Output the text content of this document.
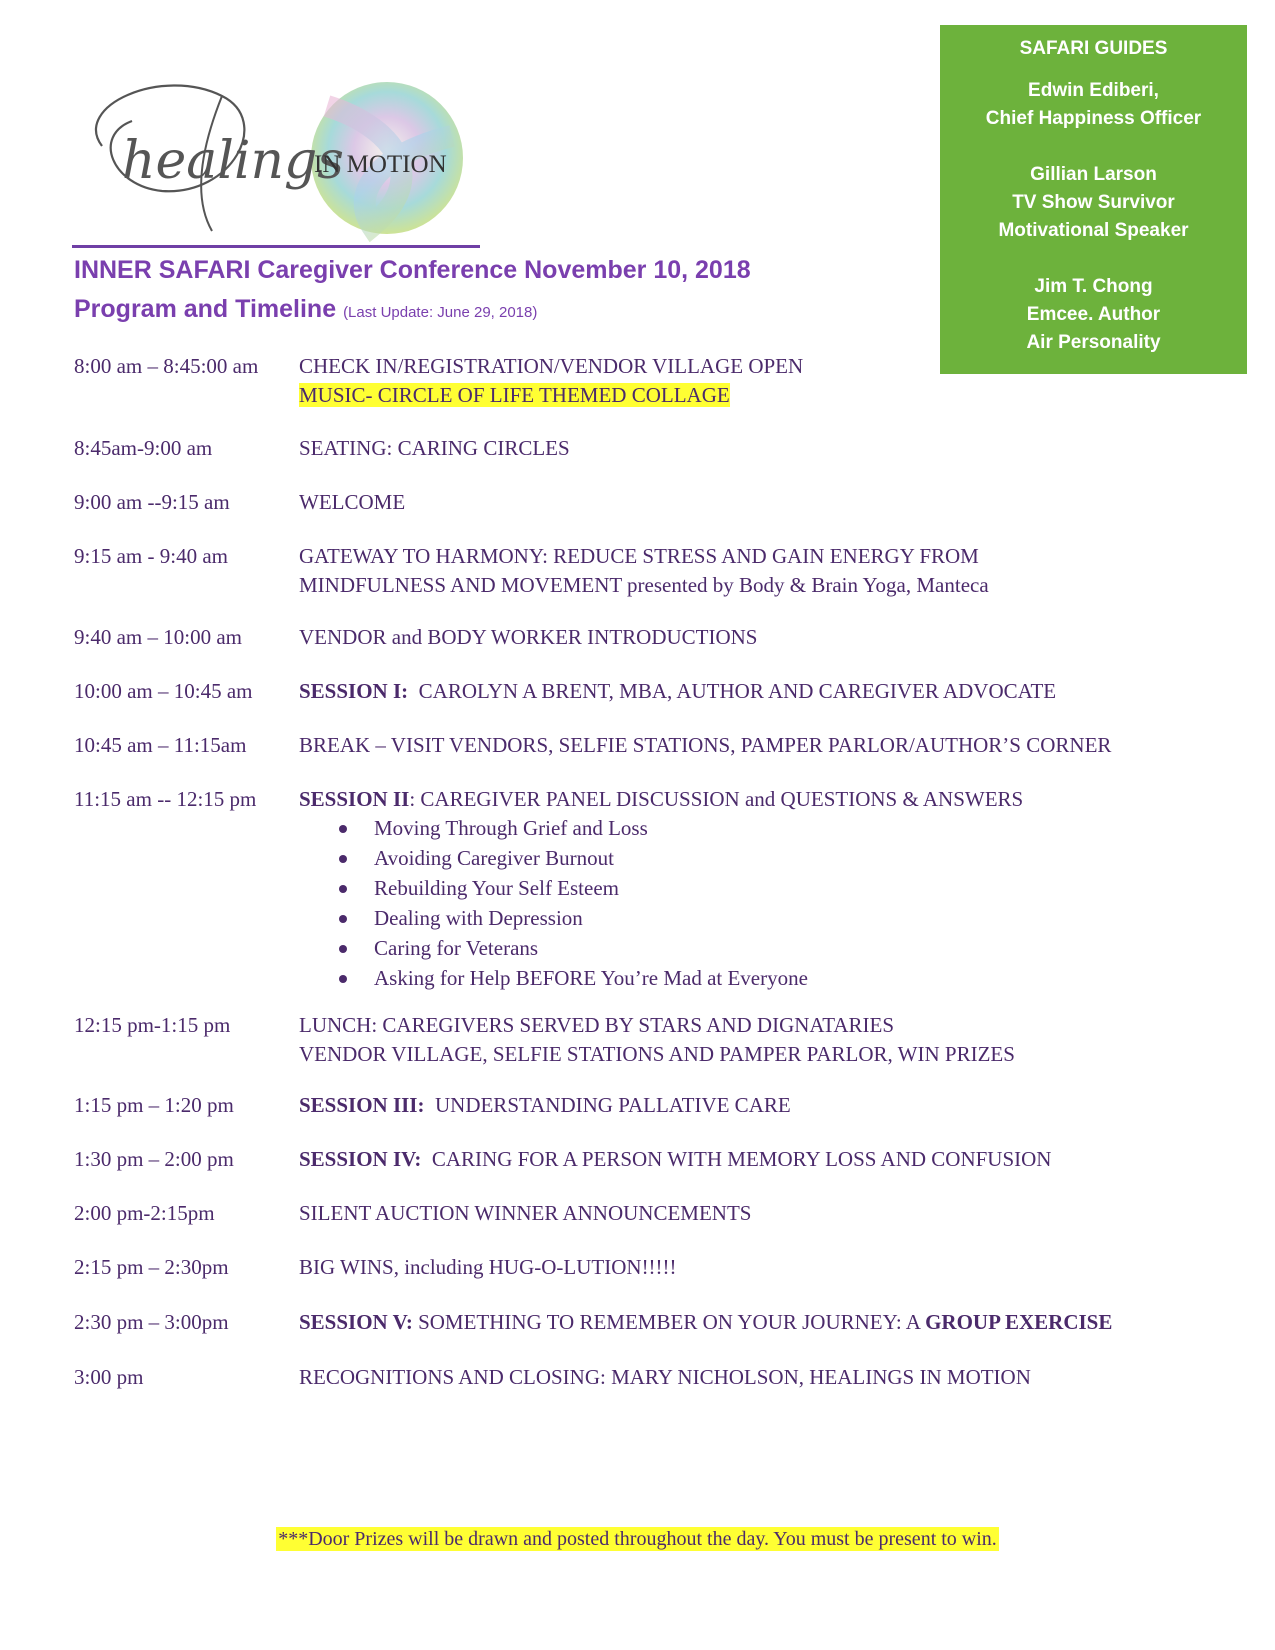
healings
IN MOTION
INNER SAFARI Caregiver Conference November 10, 2018
Program and Timeline (Last Update: June 29, 2018)
SAFARI GUIDES
Edwin Ediberi,
Chief Happiness Officer
Gillian Larson
TV Show Survivor
Motivational Speaker
Jim T. Chong
Emcee. Author
Air Personality
8:00 am – 8:45:00 am CHECK IN/REGISTRATION/VENDOR VILLAGE OPEN
MUSIC- CIRCLE OF LIFE THEMED COLLAGE
8:45am-9:00 am	SEATING: CARING CIRCLES
9:00 am --9:15 am	WELCOME
9:15 am - 9:40 am	GATEWAY TO HARMONY: REDUCE STRESS AND GAIN ENERGY FROM
MINDFULNESS AND MOVEMENT presented by Body & Brain Yoga, Manteca
9:40 am – 10:00 am	VENDOR and BODY WORKER INTRODUCTIONS
10:00 am – 10:45 am SESSION I:  CAROLYN A BRENT, MBA, AUTHOR AND CAREGIVER ADVOCATE
10:45 am – 11:15am	BREAK – VISIT VENDORS, SELFIE STATIONS, PAMPER PARLOR/AUTHOR’S CORNER
11:15 am -- 12:15 pm SESSION II: CAREGIVER PANEL DISCUSSION and QUESTIONS & ANSWERS
Moving Through Grief and Loss
Avoiding Caregiver Burnout
Rebuilding Your Self Esteem
Dealing with Depression
Caring for Veterans
Asking for Help BEFORE You’re Mad at Everyone
12:15 pm-1:15 pm	LUNCH: CAREGIVERS SERVED BY STARS AND DIGNATARIES
VENDOR VILLAGE, SELFIE STATIONS AND PAMPER PARLOR, WIN PRIZES
1:15 pm – 1:20 pm	SESSION III:  UNDERSTANDING PALLATIVE CARE
1:30 pm – 2:00 pm	SESSION IV:  CARING FOR A PERSON WITH MEMORY LOSS AND CONFUSION
2:00 pm-2:15pm	SILENT AUCTION WINNER ANNOUNCEMENTS
2:15 pm – 2:30pm	BIG WINS, including HUG-O-LUTION!!!!!
2:30 pm – 3:00pm	SESSION V: SOMETHING TO REMEMBER ON YOUR JOURNEY: A GROUP EXERCISE
3:00 pm	RECOGNITIONS AND CLOSING: MARY NICHOLSON, HEALINGS IN MOTION
***Door Prizes will be drawn and posted throughout the day. You must be present to win.
